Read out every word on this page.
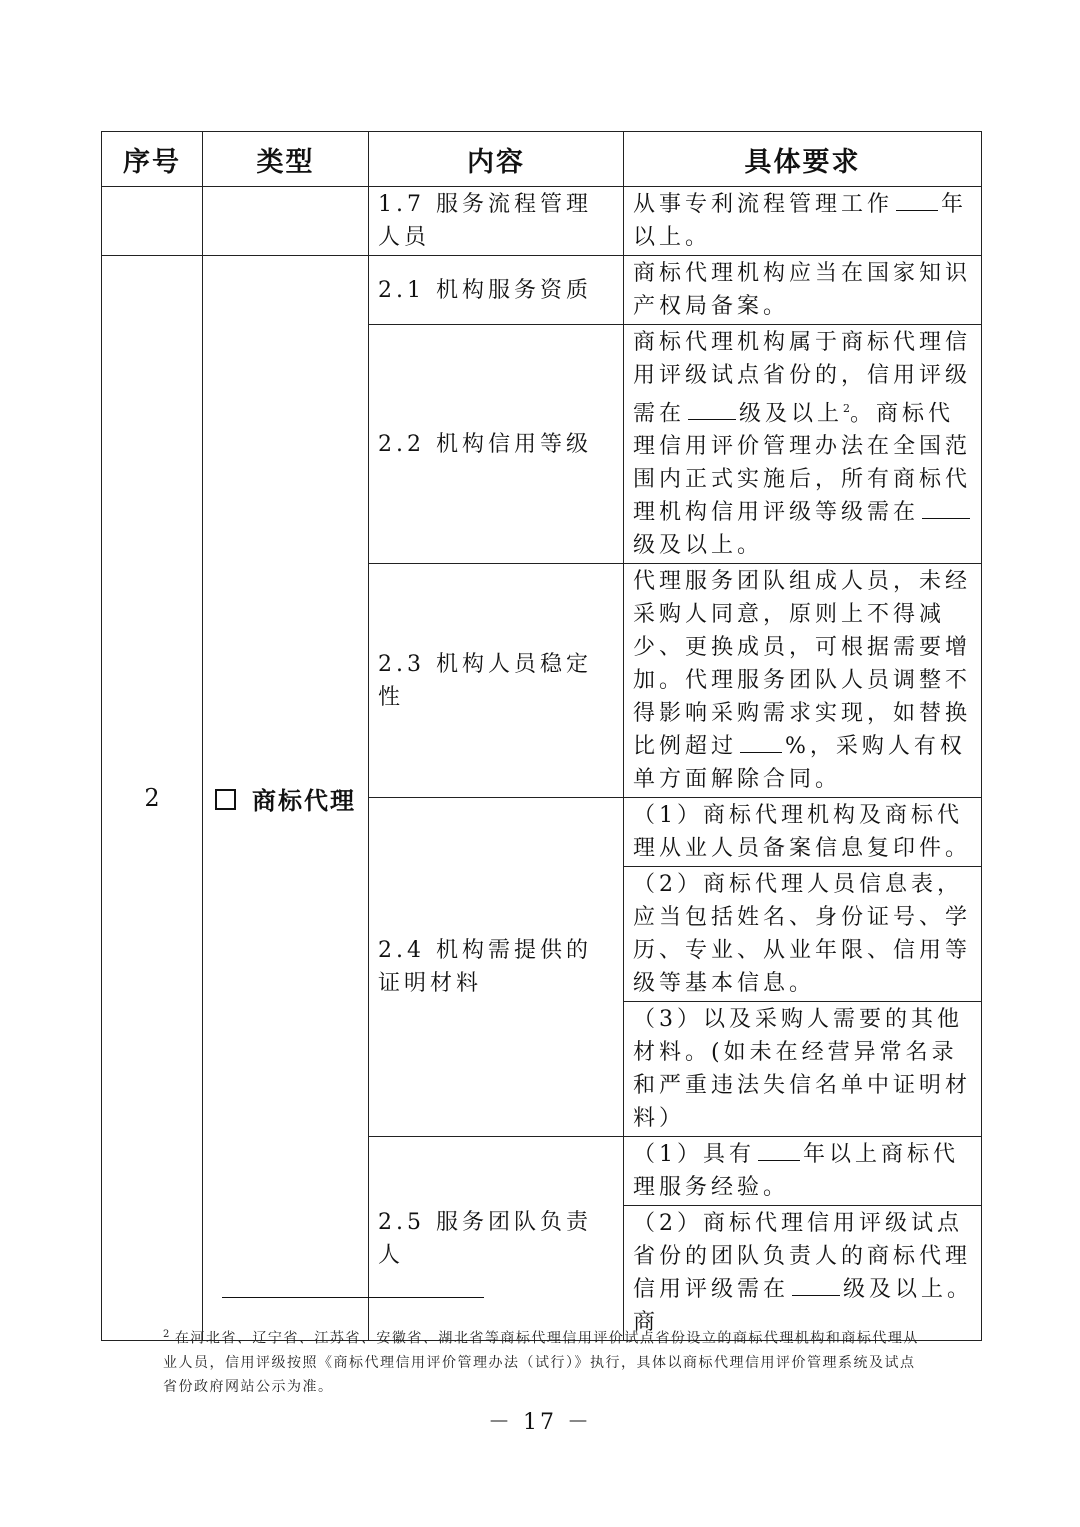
序号	类型	内容	具体要求

		1.7 服务流程管理人员	从事专利流程管理工作 年以上。

2	商标代理	2.1 机构服务资质	商标代理机构应当在国家知识产权局备案。

		2.2 机构信用等级	商标代理机构属于商标代理信用评级试点省份的，信用评级需在 级及以上$^2$。商标代理信用评价管理办法在全国范围内正式实施后，所有商标代理机构信用评级等级需在级及以上。

		2.3 机构人员稳定性	代理服务团队组成人员，未经采购人同意，原则上不得减少、更换成员，可根据需要增加。代理服务团队人员调整不得影响采购需求实现，如替换比例超过 %，采购人有权单方面解除合同。

		2.4 机构需提供的证明材料	（1）商标代理机构及商标代理从业人员备案信息复印件。

			（2）商标代理人员信息表，应当包括姓名、身份证号、学历、专业、从业年限、信用等级等基本信息。

			（3）以及采购人需要的其他材料。(如未在经营异常名录和严重违法失信名单中证明材料）

		2.5 服务团队负责人	（1）具有 年以上商标代理服务经验。

			（2）商标代理信用评级试点省份的团队负责人的商标代理信用评级需在 级及以上。商
$^2$ 在河北省、辽宁省、江苏省、安徽省、湖北省等商标代理信用评价试点省份设立的商标代理机构和商标代理从业人员，信用评级按照《商标代理信用评价管理办法（试行）》执行，具体以商标代理信用评价管理系统及试点省份政府网站公示为准。
－ 17 －
